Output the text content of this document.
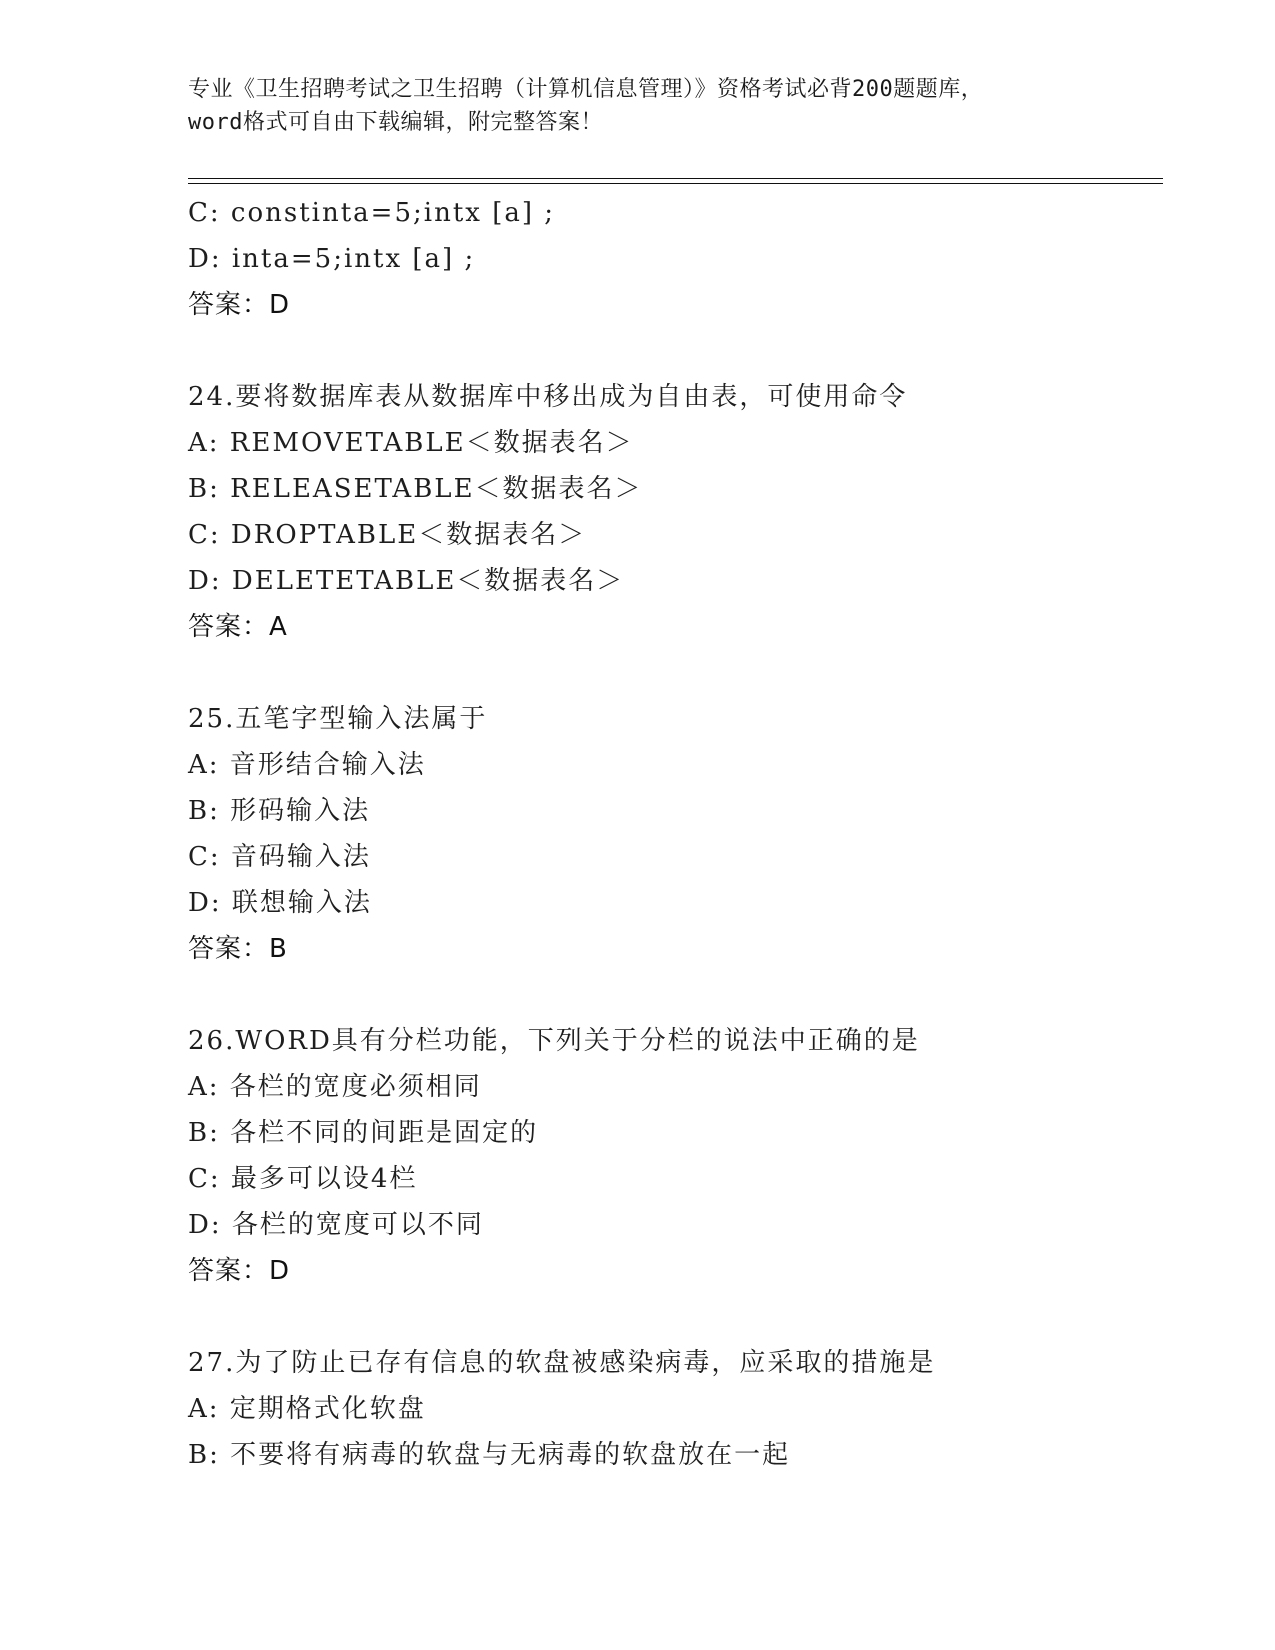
专业《卫生招聘考试之卫生招聘（计算机信息管理）》资格考试必背200题题库，
word格式可自由下载编辑，附完整答案！
C: constinta=5;intx [a] ;
D: inta=5;intx [a] ;
答案：D
24.要将数据库表从数据库中移出成为自由表，可使用命令
A: REMOVETABLE＜数据表名＞
B: RELEASETABLE＜数据表名＞
C: DROPTABLE＜数据表名＞
D: DELETETABLE＜数据表名＞
答案：A
25.五笔字型输入法属于
A: 音形结合输入法
B: 形码输入法
C: 音码输入法
D: 联想输入法
答案：B
26.WORD具有分栏功能，下列关于分栏的说法中正确的是
A: 各栏的宽度必须相同
B: 各栏不同的间距是固定的
C: 最多可以设4栏
D: 各栏的宽度可以不同
答案：D
27.为了防止已存有信息的软盘被感染病毒，应采取的措施是
A: 定期格式化软盘
B: 不要将有病毒的软盘与无病毒的软盘放在一起
